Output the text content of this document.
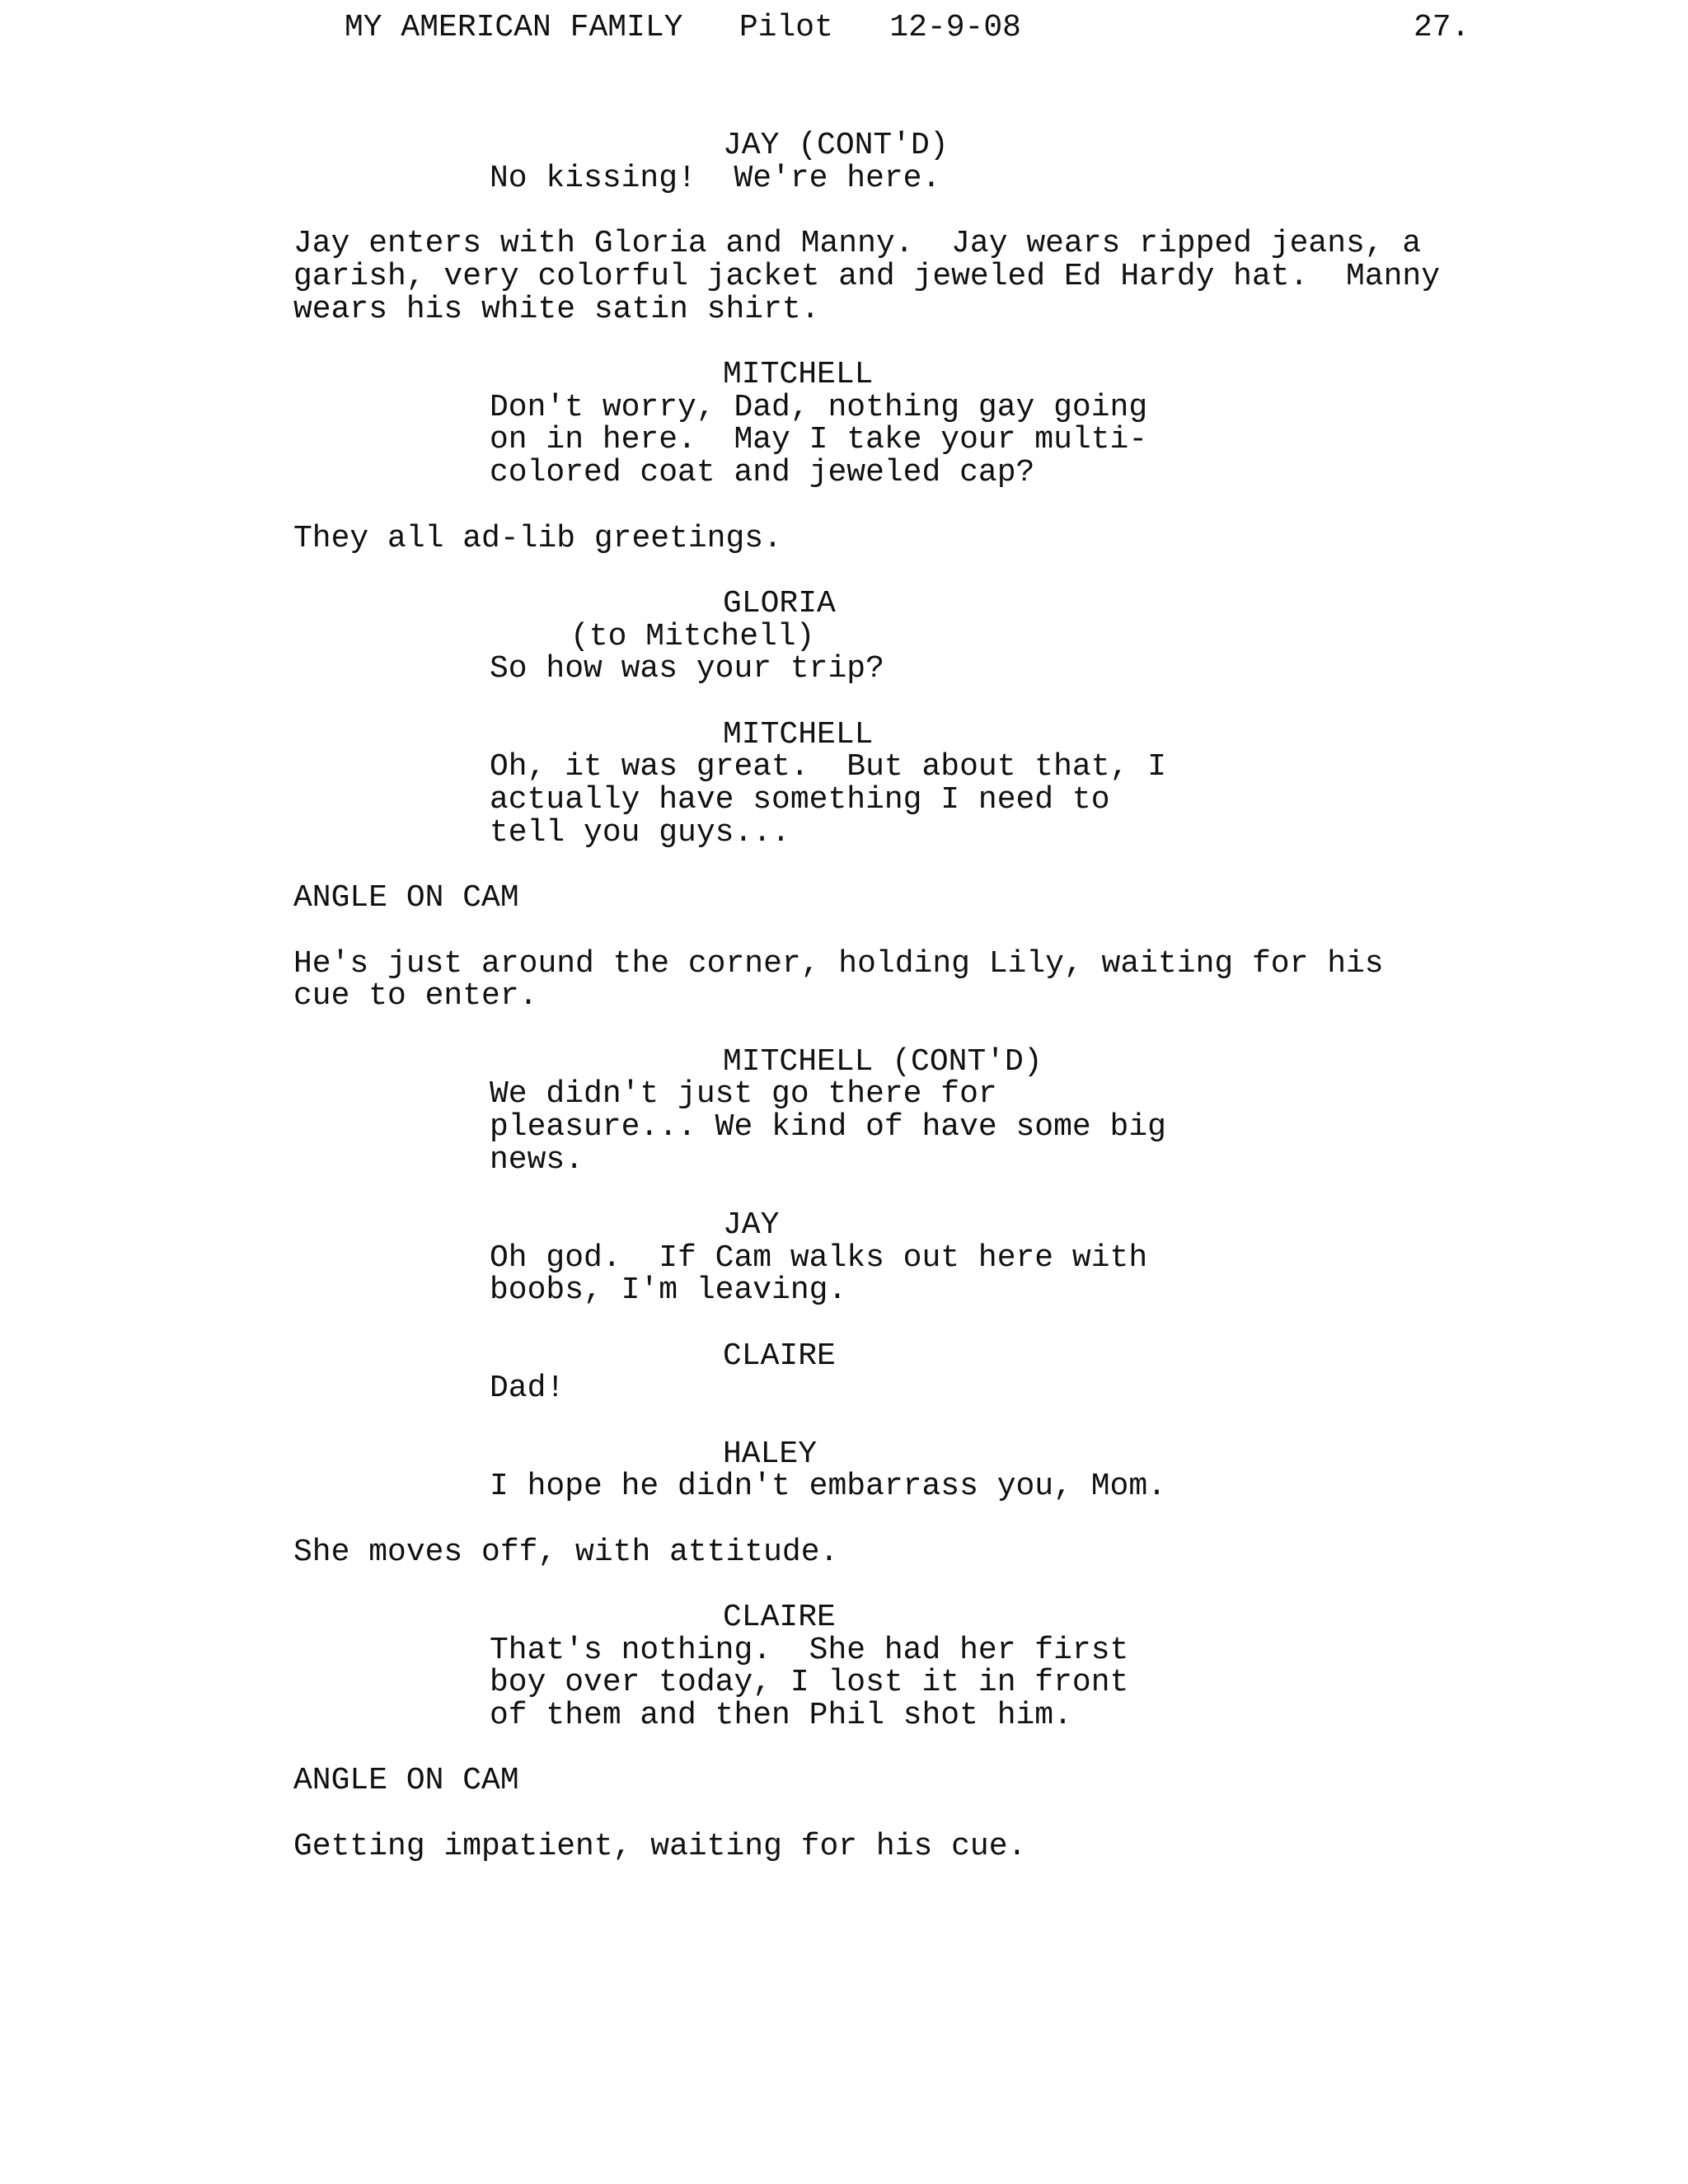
MY AMERICAN FAMILY   Pilot   12-9-08	27.
JAY (CONT'D)
No kissing!  We're here.
Jay enters with Gloria and Manny.  Jay wears ripped jeans, a
garish, very colorful jacket and jeweled Ed Hardy hat.  Manny
wears his white satin shirt.
MITCHELL
Don't worry, Dad, nothing gay going
on in here.  May I take your multi-
colored coat and jeweled cap?
They all ad-lib greetings.
GLORIA
(to Mitchell)
So how was your trip?
MITCHELL
Oh, it was great.  But about that, I
actually have something I need to
tell you guys...
ANGLE ON CAM
He's just around the corner, holding Lily, waiting for his
cue to enter.
MITCHELL (CONT'D)
We didn't just go there for
pleasure... We kind of have some big
news.
JAY
Oh god.  If Cam walks out here with
boobs, I'm leaving.
CLAIRE
Dad!
HALEY
I hope he didn't embarrass you, Mom.
She moves off, with attitude.
CLAIRE
That's nothing.  She had her first
boy over today, I lost it in front
of them and then Phil shot him.
ANGLE ON CAM
Getting impatient, waiting for his cue.
